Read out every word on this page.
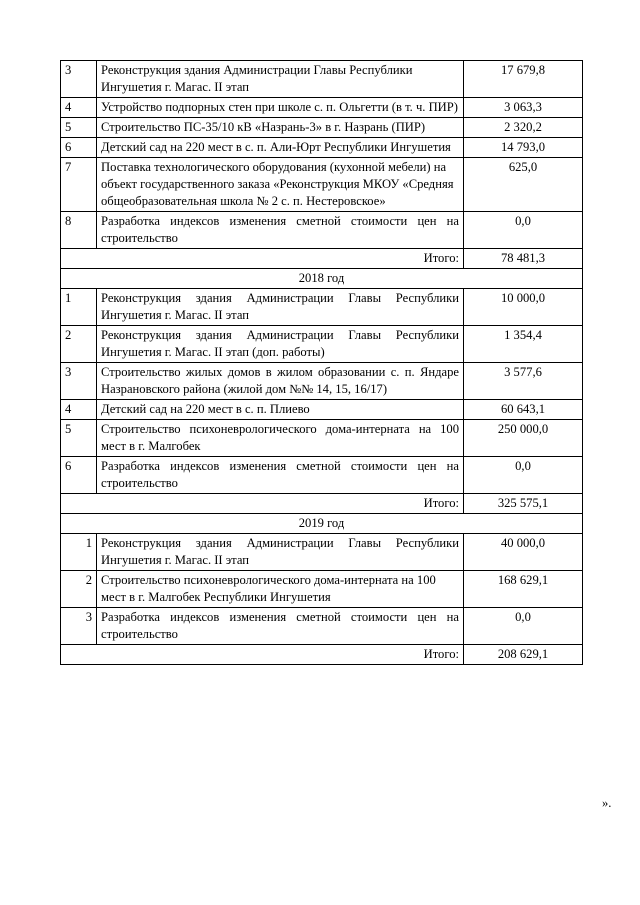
3	Реконструкция здания Администрации Главы Республики Ингушетия г. Магас. II этап	17 679,8
4	Устройство подпорных стен при школе с. п. Ольгетти (в т. ч. ПИР)	3 063,3
5	Строительство ПС-35/10 кВ «Назрань-3» в г. Назрань (ПИР)	2 320,2
6	Детский сад на 220 мест в с. п. Али-Юрт Республики Ингушетия	14 793,0
7	Поставка технологического оборудования (кухонной мебели) на объект государственного заказа «Реконструкция МКОУ «Средняя общеобразовательная школа № 2 с. п. Нестеровское»	625,0
8	Разработка индексов изменения сметной стоимости цен на строительство	0,0
Итого:		78 481,3
2018 год		
1	Реконструкция здания Администрации Главы Республики Ингушетия г. Магас. II этап	10 000,0
2	Реконструкция здания Администрации Главы Республики Ингушетия г. Магас. II этап (доп. работы)	1 354,4
3	Строительство жилых домов в жилом образовании с. п. Яндаре Назрановского района (жилой дом №№ 14, 15, 16/17)	3 577,6
4	Детский сад на 220 мест в с. п. Плиево	60 643,1
5	Строительство психоневрологического дома-интерната на 100 мест в г. Малгобек	250 000,0
6	Разработка индексов изменения сметной стоимости цен на строительство	0,0
Итого:		325 575,1
2019 год		
1	Реконструкция здания Администрации Главы Республики Ингушетия г. Магас. II этап	40 000,0
2	Строительство психоневрологического дома-интерната на 100 мест в г. Малгобек Республики Ингушетия	168 629,1
3	Разработка индексов изменения сметной стоимости цен на строительство	0,0
Итого:		208 629,1
».
